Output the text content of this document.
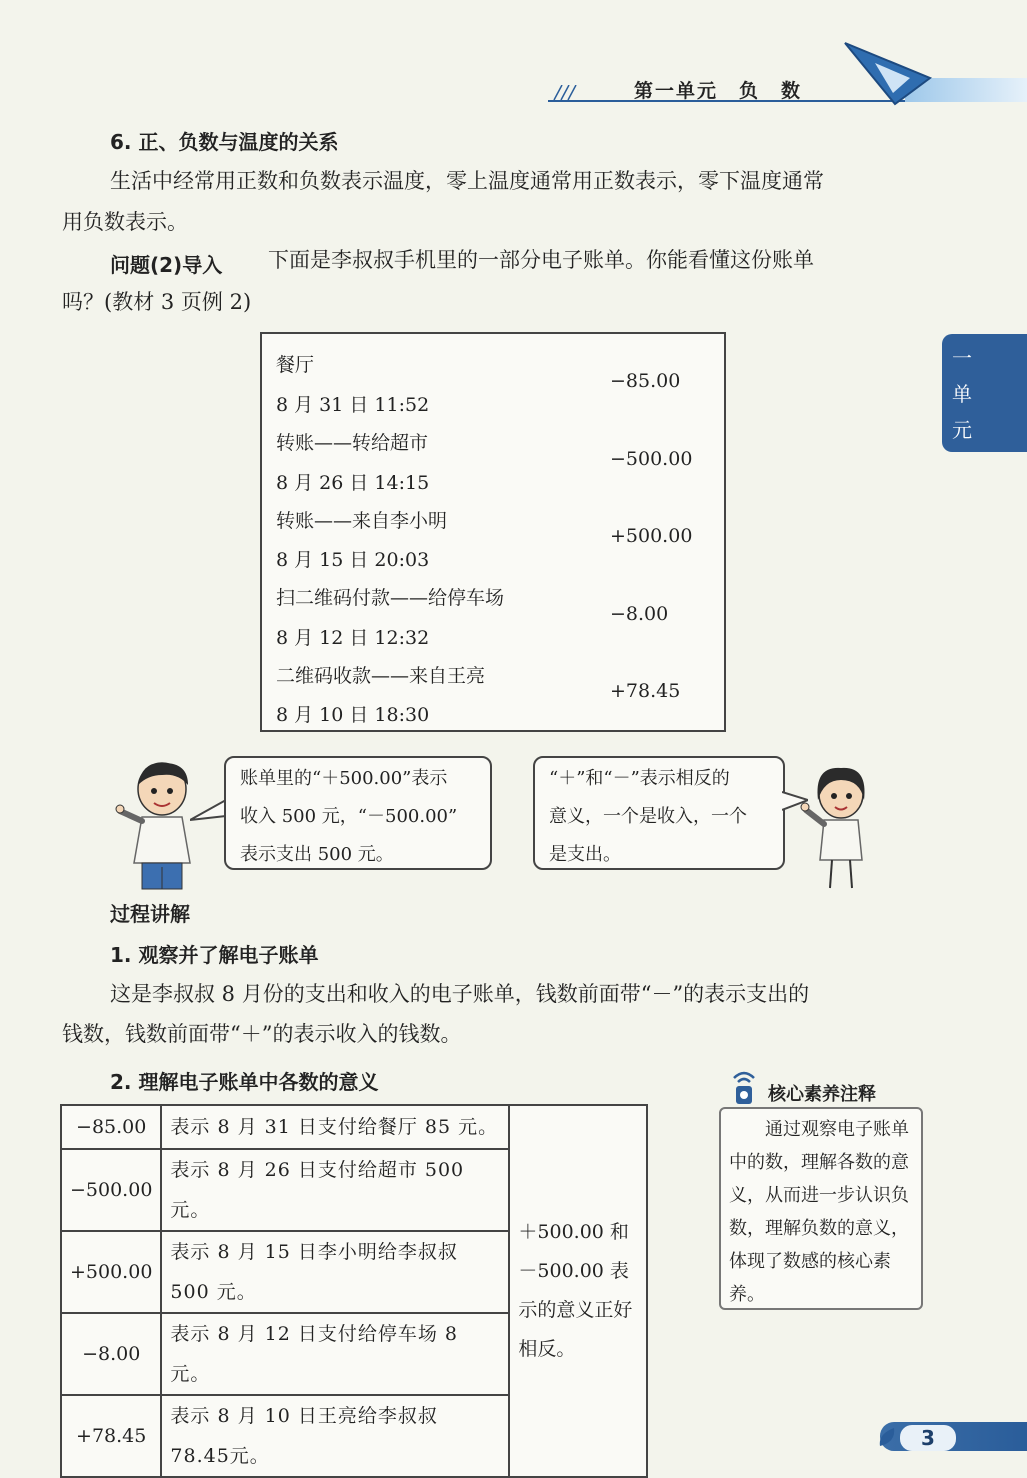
第一单元　负　数
一
单
元
6. 正、负数与温度的关系
生活中经常用正数和负数表示温度，零上温度通常用正数表示，零下温度通常
用负数表示。
问题(2)导入 下面是李叔叔手机里的一部分电子账单。你能看懂这份账单
吗？(教材 3 页例 2)
餐厅
8 月 31 日 11:52
−85.00
转账——转给超市
8 月 26 日 14:15
−500.00
转账——来自李小明
8 月 15 日 20:03
+500.00
扫二维码付款——给停车场
8 月 12 日 12:32
−8.00
二维码收款——来自王亮
8 月 10 日 18:30
+78.45
账单里的“＋500.00”表示
收入 500 元，“－500.00”
表示支出 500 元。
“＋”和“－”表示相反的
意义，一个是收入，一个
是支出。
过程讲解
1. 观察并了解电子账单
这是李叔叔 8 月份的支出和收入的电子账单，钱数前面带“－”的表示支出的
钱数，钱数前面带“＋”的表示收入的钱数。
2. 理解电子账单中各数的意义
−85.00	表示 8 月 31 日支付给餐厅 85 元。	＋500.00 和 －500.00 表示的意义正好相反。
−500.00	表示 8 月 26 日支付给超市 500 元。	
+500.00	表示 8 月 15 日李小明给李叔叔 500 元。	
−8.00	表示 8 月 12 日支付给停车场 8 元。	
+78.45	表示 8 月 10 日王亮给李叔叔 78.45元。	
核心素养注释
通过观察电子账单中的数，理解各数的意义，从而进一步认识负数，理解负数的意义，体现了数感的核心素养。
3
